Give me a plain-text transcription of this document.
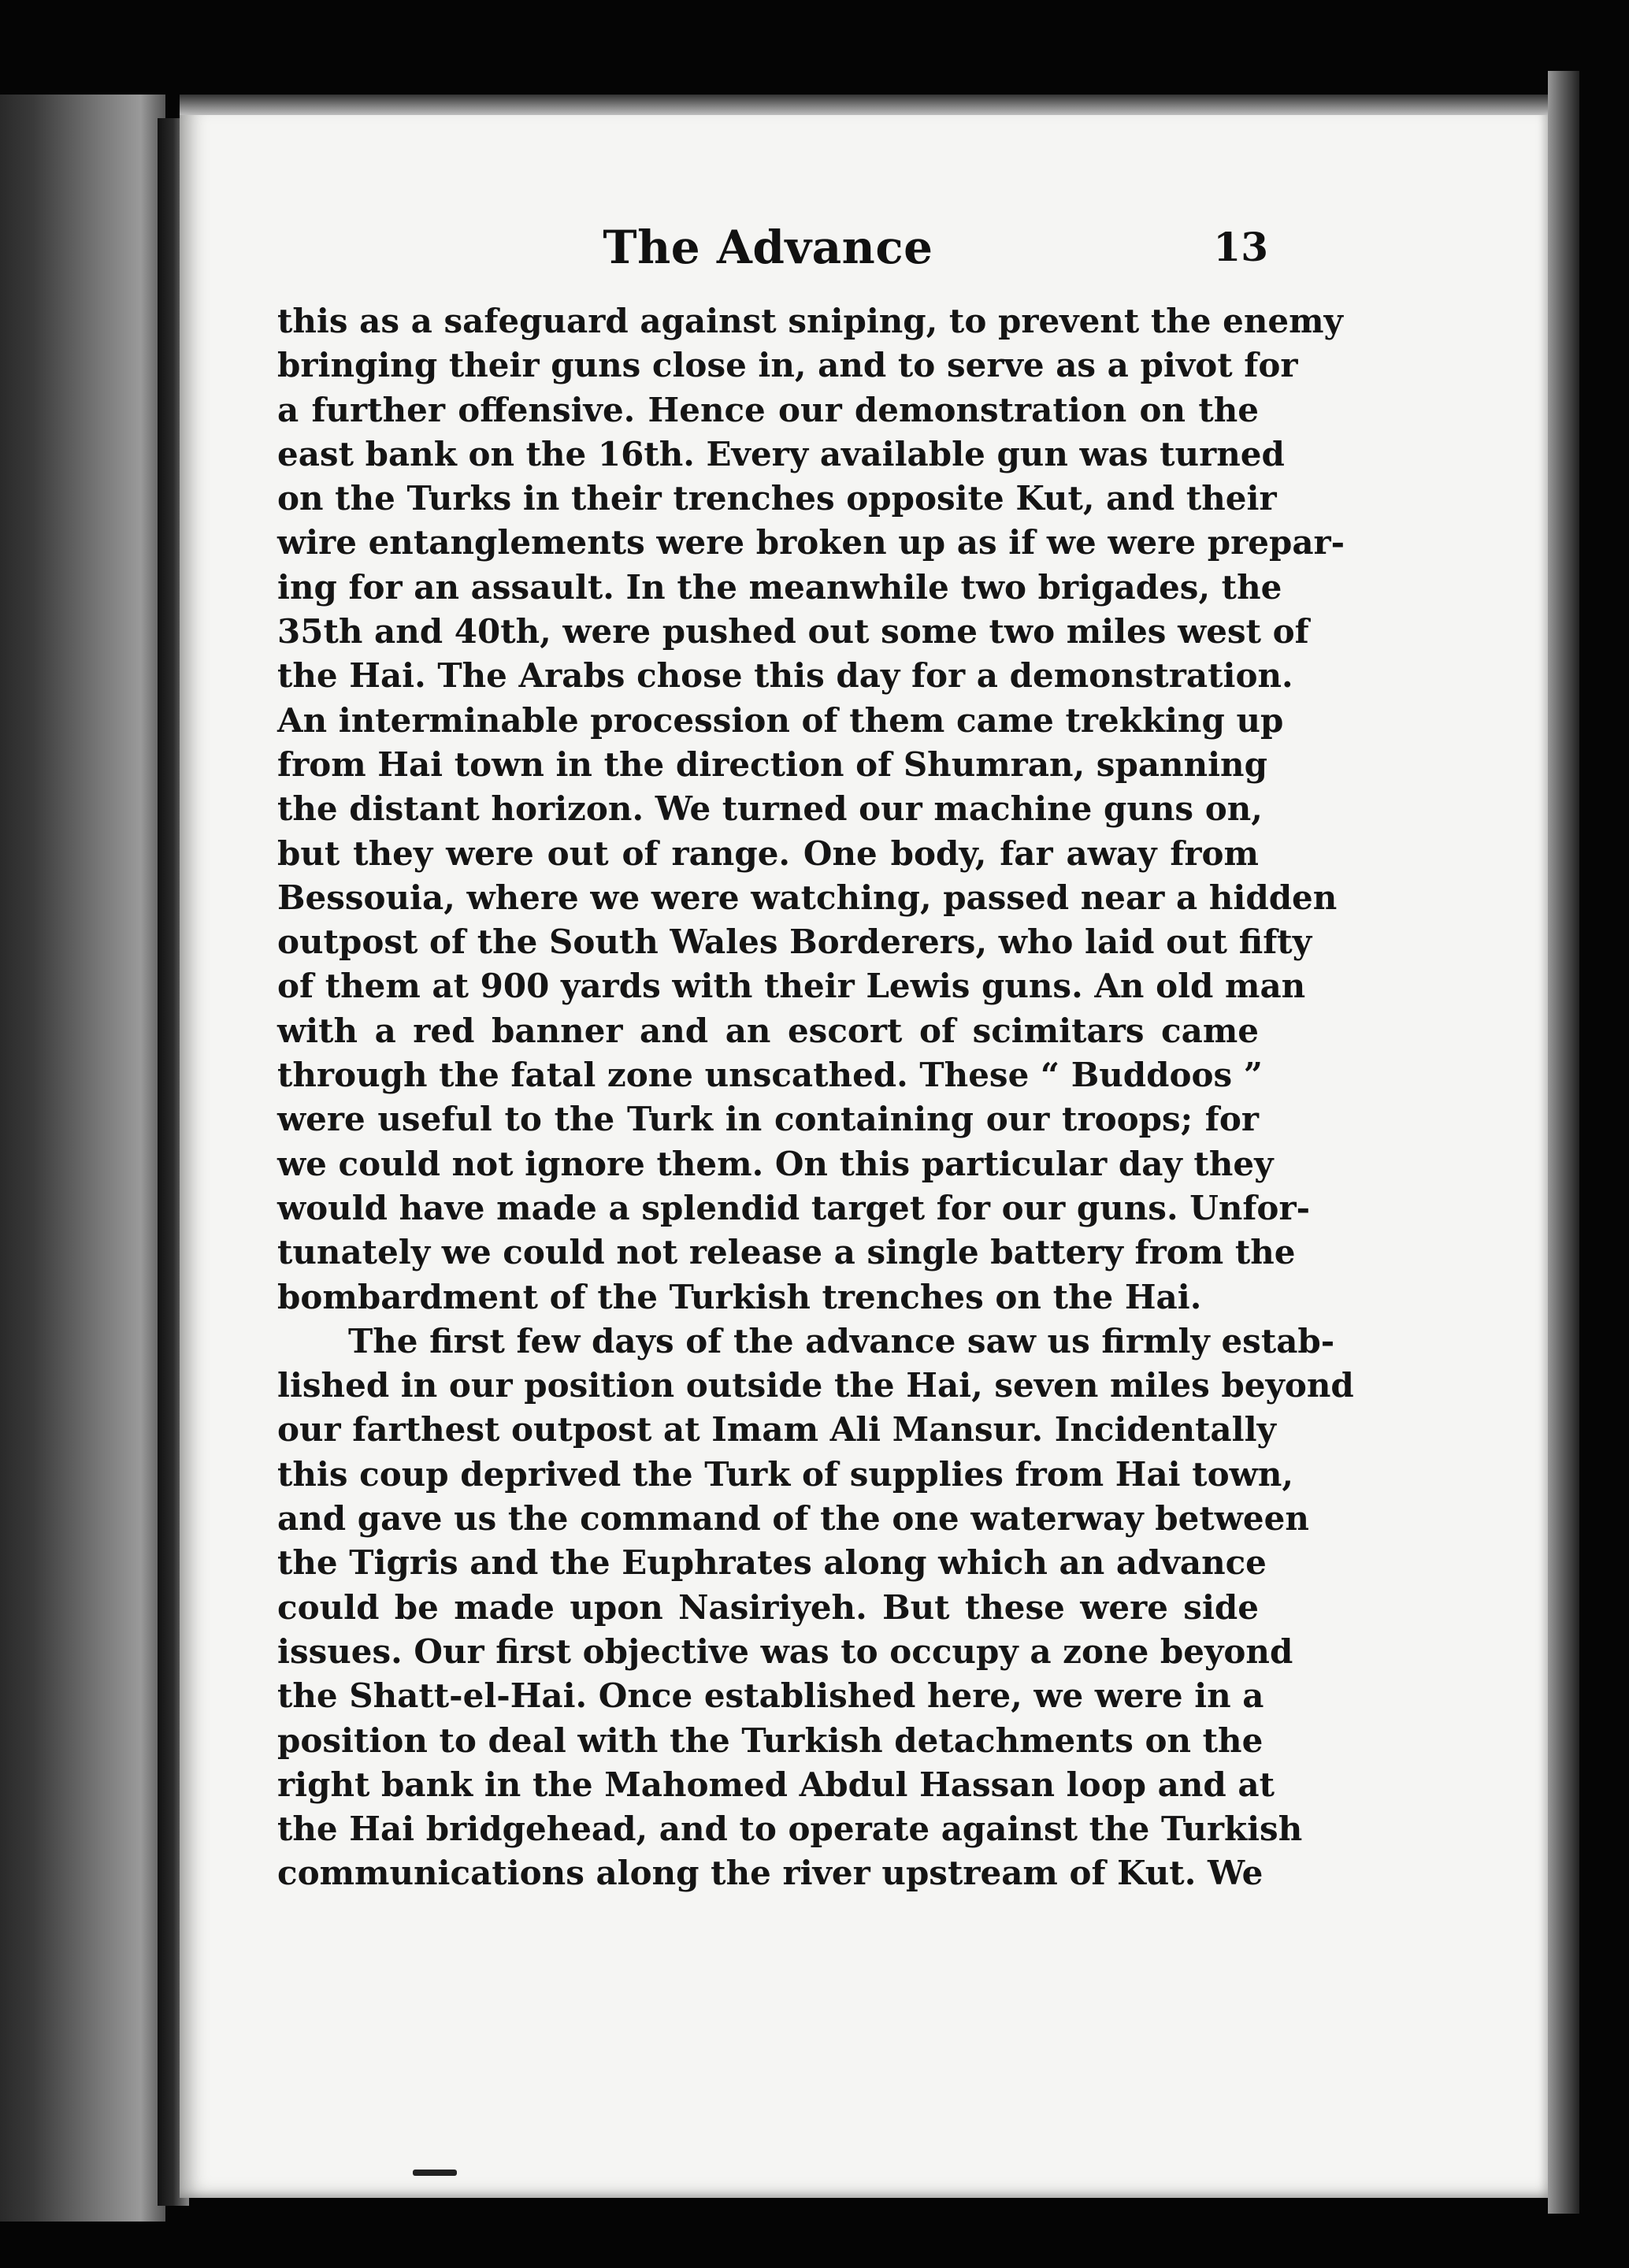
The Advance	13
this as a safeguard against sniping, to prevent the enemy
bringing their guns close in, and to serve as a pivot for
a further offensive. Hence our demonstration on the
east bank on the 16th. Every available gun was turned
on the Turks in their trenches opposite Kut, and their
wire entanglements were broken up as if we were prepar-
ing for an assault. In the meanwhile two brigades, the
35th and 40th, were pushed out some two miles west of
the Hai. The Arabs chose this day for a demonstration.
An interminable procession of them came trekking up
from Hai town in the direction of Shumran, spanning
the distant horizon. We turned our machine guns on,
but they were out of range. One body, far away from
Bessouia, where we were watching, passed near a hidden
outpost of the South Wales Borderers, who laid out fifty
of them at 900 yards with their Lewis guns. An old man
with a red banner and an escort of scimitars came
through the fatal zone unscathed. These “ Buddoos ”
were useful to the Turk in containing our troops; for
we could not ignore them. On this particular day they
would have made a splendid target for our guns. Unfor-
tunately we could not release a single battery from the
bombardment of the Turkish trenches on the Hai.
The first few days of the advance saw us firmly estab-
lished in our position outside the Hai, seven miles beyond
our farthest outpost at Imam Ali Mansur. Incidentally
this coup deprived the Turk of supplies from Hai town,
and gave us the command of the one waterway between
the Tigris and the Euphrates along which an advance
could be made upon Nasiriyeh. But these were side
issues. Our first objective was to occupy a zone beyond
the Shatt-el-Hai. Once established here, we were in a
position to deal with the Turkish detachments on the
right bank in the Mahomed Abdul Hassan loop and at
the Hai bridgehead, and to operate against the Turkish
communications along the river upstream of Kut. We
